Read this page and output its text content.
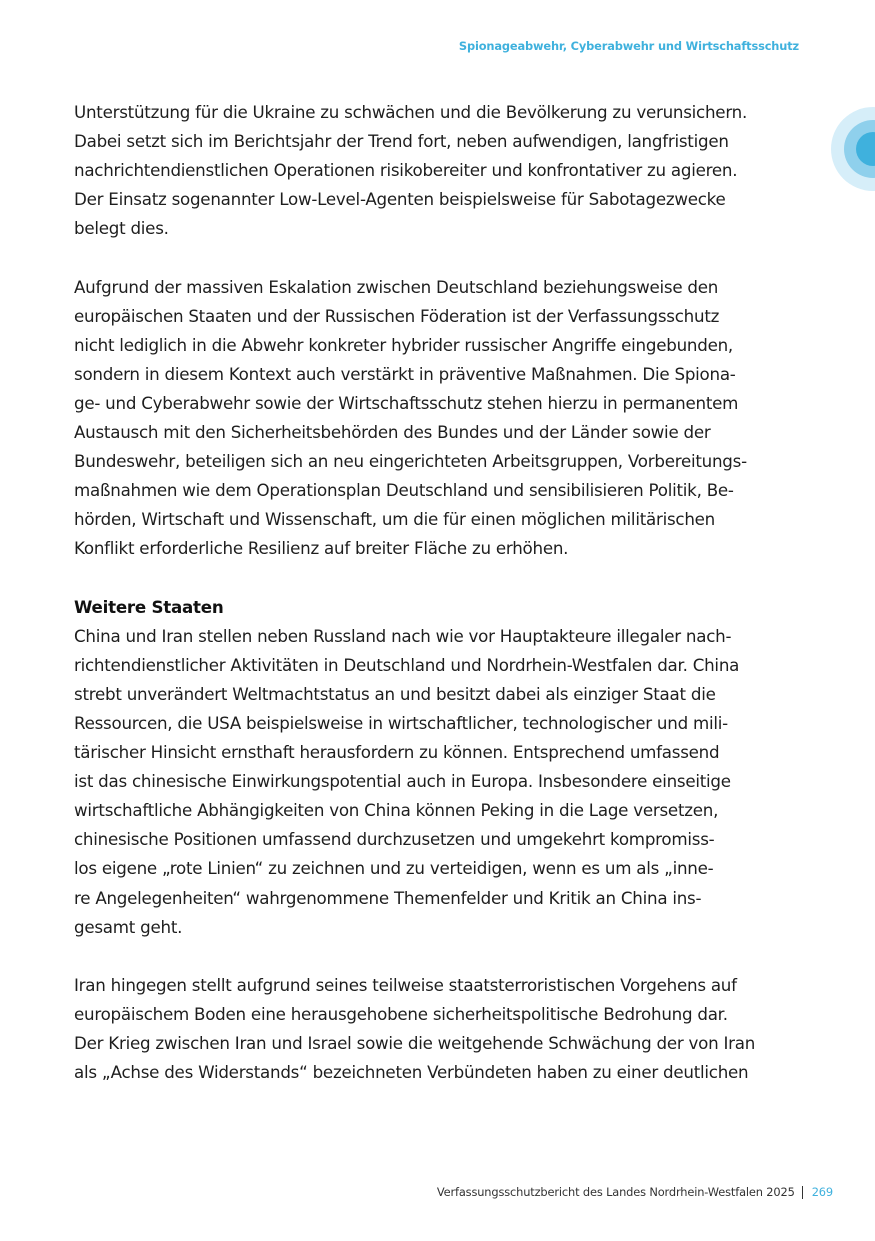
Spionageabwehr, Cyberabwehr und Wirtschaftsschutz
Unterstützung für die Ukraine zu schwächen und die Bevölkerung zu verunsichern.
Dabei setzt sich im Berichtsjahr der Trend fort, neben aufwendigen, langfristigen
nachrichtendienstlichen Operationen risikobereiter und konfrontativer zu agieren.
Der Einsatz sogenannter Low-Level-Agenten beispielsweise für Sabotagezwecke
belegt dies.
Aufgrund der massiven Eskalation zwischen Deutschland beziehungsweise den
europäischen Staaten und der Russischen Föderation ist der Verfassungsschutz
nicht lediglich in die Abwehr konkreter hybrider russischer Angriffe eingebunden,
sondern in diesem Kontext auch verstärkt in präventive Maßnahmen. Die Spiona-
ge- und Cyberabwehr sowie der Wirtschaftsschutz stehen hierzu in permanentem
Austausch mit den Sicherheitsbehörden des Bundes und der Länder sowie der
Bundeswehr, beteiligen sich an neu eingerichteten Arbeitsgruppen, Vorbereitungs-
maßnahmen wie dem Operationsplan Deutschland und sensibilisieren Politik, Be-
hörden, Wirtschaft und Wissenschaft, um die für einen möglichen militärischen
Konflikt erforderliche Resilienz auf breiter Fläche zu erhöhen.
Weitere Staaten
China und Iran stellen neben Russland nach wie vor Hauptakteure illegaler nach-
richtendienstlicher Aktivitäten in Deutschland und Nordrhein-Westfalen dar. China
strebt unverändert Weltmachtstatus an und besitzt dabei als einziger Staat die
Ressourcen, die USA beispielsweise in wirtschaftlicher, technologischer und mili-
tärischer Hinsicht ernsthaft herausfordern zu können. Entsprechend umfassend
ist das chinesische Einwirkungspotential auch in Europa. Insbesondere einseitige
wirtschaftliche Abhängigkeiten von China können Peking in die Lage versetzen,
chinesische Positionen umfassend durchzusetzen und umgekehrt kompromiss-
los eigene „rote Linien“ zu zeichnen und zu verteidigen, wenn es um als „inne-
re Angelegenheiten“ wahrgenommene Themenfelder und Kritik an China ins-
gesamt geht.
Iran hingegen stellt aufgrund seines teilweise staatsterroristischen Vorgehens auf
europäischem Boden eine herausgehobene sicherheitspolitische Bedrohung dar.
Der Krieg zwischen Iran und Israel sowie die weitgehende Schwächung der von Iran
als „Achse des Widerstands“ bezeichneten Verbündeten haben zu einer deutlichen
Verfassungsschutzbericht des Landes Nordrhein-Westfalen 2025 269
